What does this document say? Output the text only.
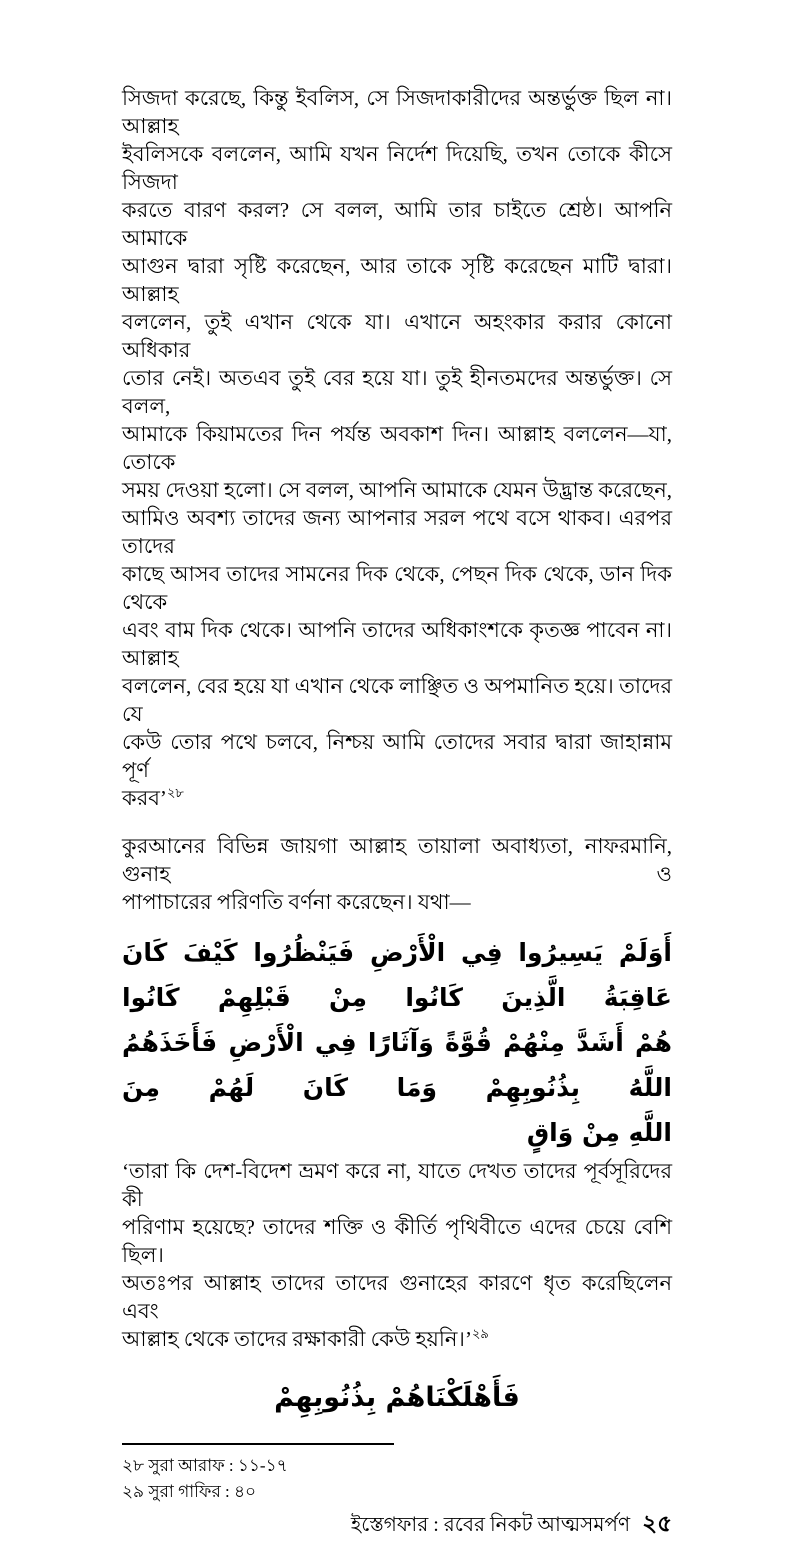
সিজদা করেছে, কিন্তু ইবলিস, সে সিজদাকারীদের অন্তর্ভুক্ত ছিল না। আল্লাহ
ইবলিসকে বললেন, আমি যখন নির্দেশ দিয়েছি, তখন তোকে কীসে সিজদা
করতে বারণ করল? সে বলল, আমি তার চাইতে শ্রেষ্ঠ। আপনি আমাকে
আগুন দ্বারা সৃষ্টি করেছেন, আর তাকে সৃষ্টি করেছেন মাটি দ্বারা। আল্লাহ
বললেন, তুই এখান থেকে যা। এখানে অহংকার করার কোনো অধিকার
তোর নেই। অতএব তুই বের হয়ে যা। তুই হীনতমদের অন্তর্ভুক্ত। সে বলল,
আমাকে কিয়ামতের দিন পর্যন্ত অবকাশ দিন। আল্লাহ বললেন—যা, তোকে
সময় দেওয়া হলো। সে বলল, আপনি আমাকে যেমন উদ্ভ্রান্ত করেছেন,
আমিও অবশ্য তাদের জন্য আপনার সরল পথে বসে থাকব। এরপর তাদের
কাছে আসব তাদের সামনের দিক থেকে, পেছন দিক থেকে, ডান দিক থেকে
এবং বাম দিক থেকে। আপনি তাদের অধিকাংশকে কৃতজ্ঞ পাবেন না। আল্লাহ
বললেন, বের হয়ে যা এখান থেকে লাঞ্ছিত ও অপমানিত হয়ে। তাদের যে
কেউ তোর পথে চলবে, নিশ্চয় আমি তোদের সবার দ্বারা জাহান্নাম পূর্ণ
করব’$^{২৮}$
কুরআনের বিভিন্ন জায়গা আল্লাহ তায়ালা অবাধ্যতা, নাফরমানি, গুনাহ ও
পাপাচারের পরিণতি বর্ণনা করেছেন। যথা—
أَوَلَمْ يَسِيرُوا فِي الْأَرْضِ فَيَنْظُرُوا كَيْفَ كَانَ عَاقِبَةُ الَّذِينَ كَانُوا مِنْ قَبْلِهِمْ كَانُوا
هُمْ أَشَدَّ مِنْهُمْ قُوَّةً وَآثَارًا فِي الْأَرْضِ فَأَخَذَهُمُ اللَّهُ بِذُنُوبِهِمْ وَمَا كَانَ لَهُمْ مِنَ
اللَّهِ مِنْ وَاقٍ
‘তারা কি দেশ-বিদেশ ভ্রমণ করে না, যাতে দেখত তাদের পূর্বসূরিদের কী
পরিণাম হয়েছে? তাদের শক্তি ও কীর্তি পৃথিবীতে এদের চেয়ে বেশি ছিল।
অতঃপর আল্লাহ তাদের তাদের গুনাহের কারণে ধৃত করেছিলেন এবং
আল্লাহ থেকে তাদের রক্ষাকারী কেউ হয়নি।’$^{২৯}$
فَأَهْلَكْنَاهُمْ بِذُنُوبِهِمْ
২৮ সুরা আরাফ : ১১-১৭
২৯ সুরা গাফির : ৪০
ইস্তেগফার : রবের নিকট আত্মসমর্পণ ২৫
